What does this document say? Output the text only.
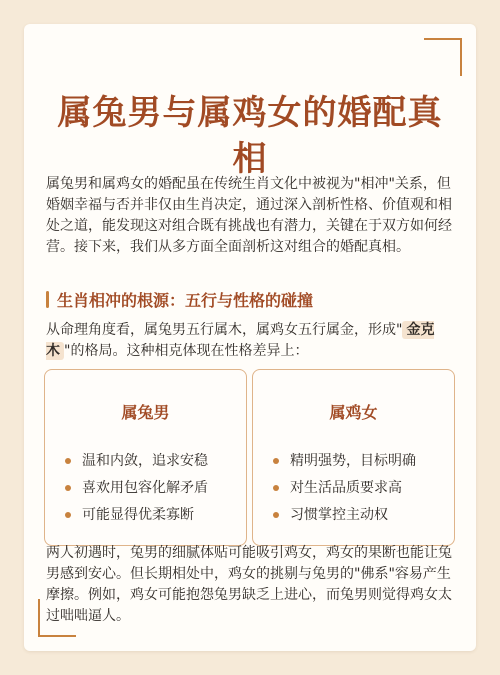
属兔男与属鸡女的婚配真相

属兔男和属鸡女的婚配虽在传统生肖文化中被视为"相冲"关系，但婚姻幸福与否并非仅由生肖决定，通过深入剖析性格、价值观和相处之道，能发现这对组合既有挑战也有潜力，关键在于双方如何经营。接下来，我们从多方面全面剖析这对组合的婚配真相。

生肖相冲的根源：五行与性格的碰撞

从命理角度看，属兔男五行属木，属鸡女五行属金，形成" 金克木 "的格局。这种相克体现在性格差异上：

属兔男
温和内敛，追求安稳
喜欢用包容化解矛盾
可能显得优柔寡断
属鸡女
精明强势，目标明确
对生活品质要求高
习惯掌控主动权

两人初遇时，兔男的细腻体贴可能吸引鸡女，鸡女的果断也能让兔男感到安心。但长期相处中，鸡女的挑剔与兔男的"佛系"容易产生摩擦。例如，鸡女可能抱怨兔男缺乏上进心，而兔男则觉得鸡女太过咄咄逼人。
